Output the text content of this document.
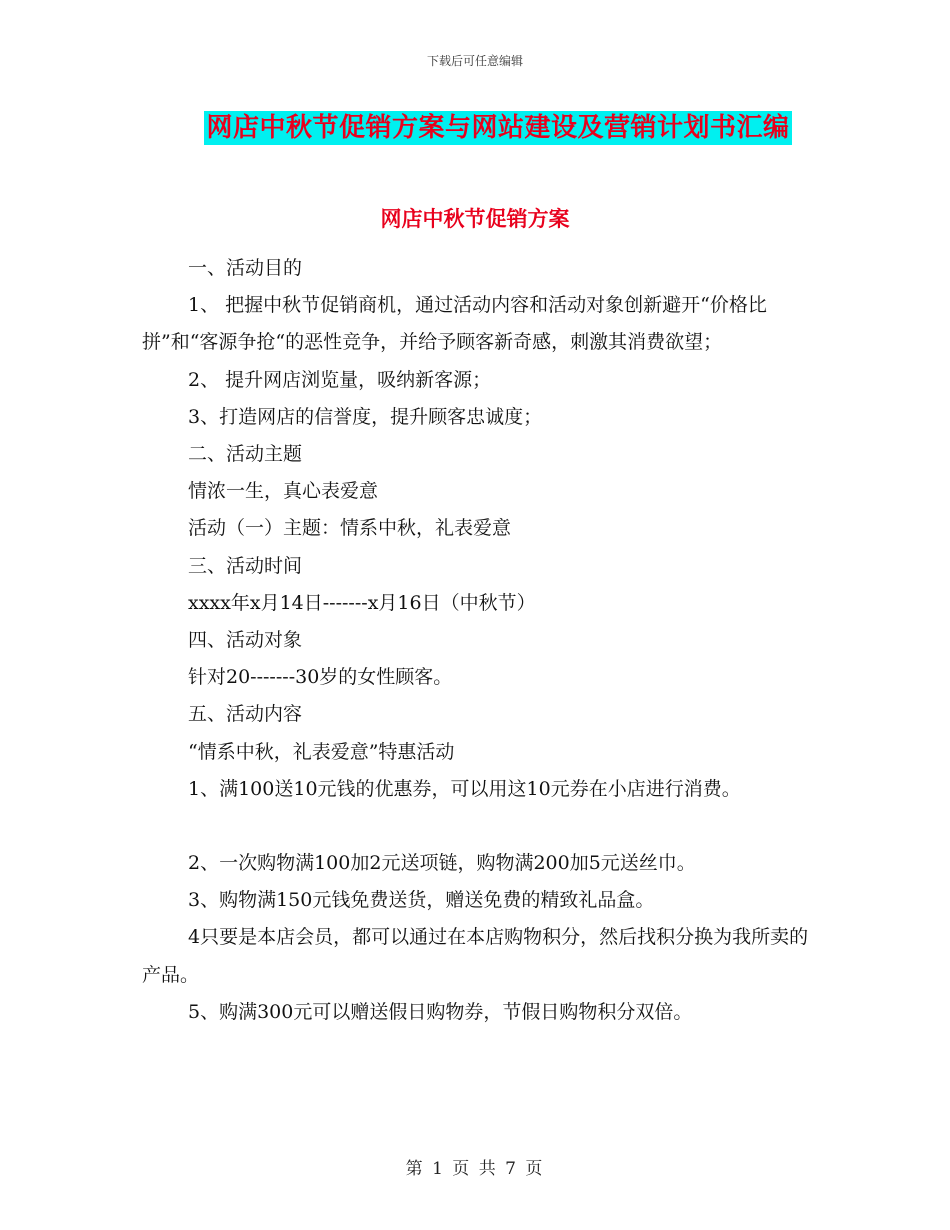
下载后可任意编辑
网店中秋节促销方案与网站建设及营销计划书汇编
网店中秋节促销方案

一、活动目的

1、 把握中秋节促销商机，通过活动内容和活动对象创新避开“价格比拼”和“客源争抢“的恶性竞争，并给予顾客新奇感，刺激其消费欲望；

2、 提升网店浏览量，吸纳新客源；

3、打造网店的信誉度，提升顾客忠诚度；

二、活动主题

情浓一生，真心表爱意

活动（一）主题：情系中秋，礼表爱意

三、活动时间

xxxx年x月14日-------x月16日（中秋节）

四、活动对象

针对20-------30岁的女性顾客。

五、活动内容

“情系中秋，礼表爱意”特惠活动

1、满100送10元钱的优惠券，可以用这10元券在小店进行消费。

2、一次购物满100加2元送项链，购物满200加5元送丝巾。

3、购物满150元钱免费送货，赠送免费的精致礼品盒。

4只要是本店会员，都可以通过在本店购物积分，然后找积分换为我所卖的产品。

5、购满300元可以赠送假日购物券，节假日购物积分双倍。

第 1 页 共 7 页
